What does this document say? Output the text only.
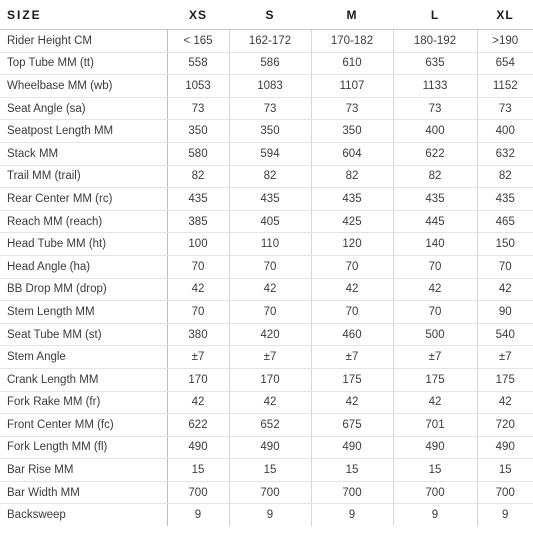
SIZE	XS	S	M	L	XL
Rider Height CM	< 165	162-172	170-182	180-192	>190
Top Tube MM (tt)	558	586	610	635	654
Wheelbase MM (wb)	1053	1083	1107	1133	1152
Seat Angle (sa)	73	73	73	73	73
Seatpost Length MM	350	350	350	400	400
Stack MM	580	594	604	622	632
Trail MM (trail)	82	82	82	82	82
Rear Center MM (rc)	435	435	435	435	435
Reach MM (reach)	385	405	425	445	465
Head Tube MM (ht)	100	110	120	140	150
Head Angle (ha)	70	70	70	70	70
BB Drop MM (drop)	42	42	42	42	42
Stem Length MM	70	70	70	70	90
Seat Tube MM (st)	380	420	460	500	540
Stem Angle	±7	±7	±7	±7	±7
Crank Length MM	170	170	175	175	175
Fork Rake MM (fr)	42	42	42	42	42
Front Center MM (fc)	622	652	675	701	720
Fork Length MM (fl)	490	490	490	490	490
Bar Rise MM	15	15	15	15	15
Bar Width MM	700	700	700	700	700
Backsweep	9	9	9	9	9
